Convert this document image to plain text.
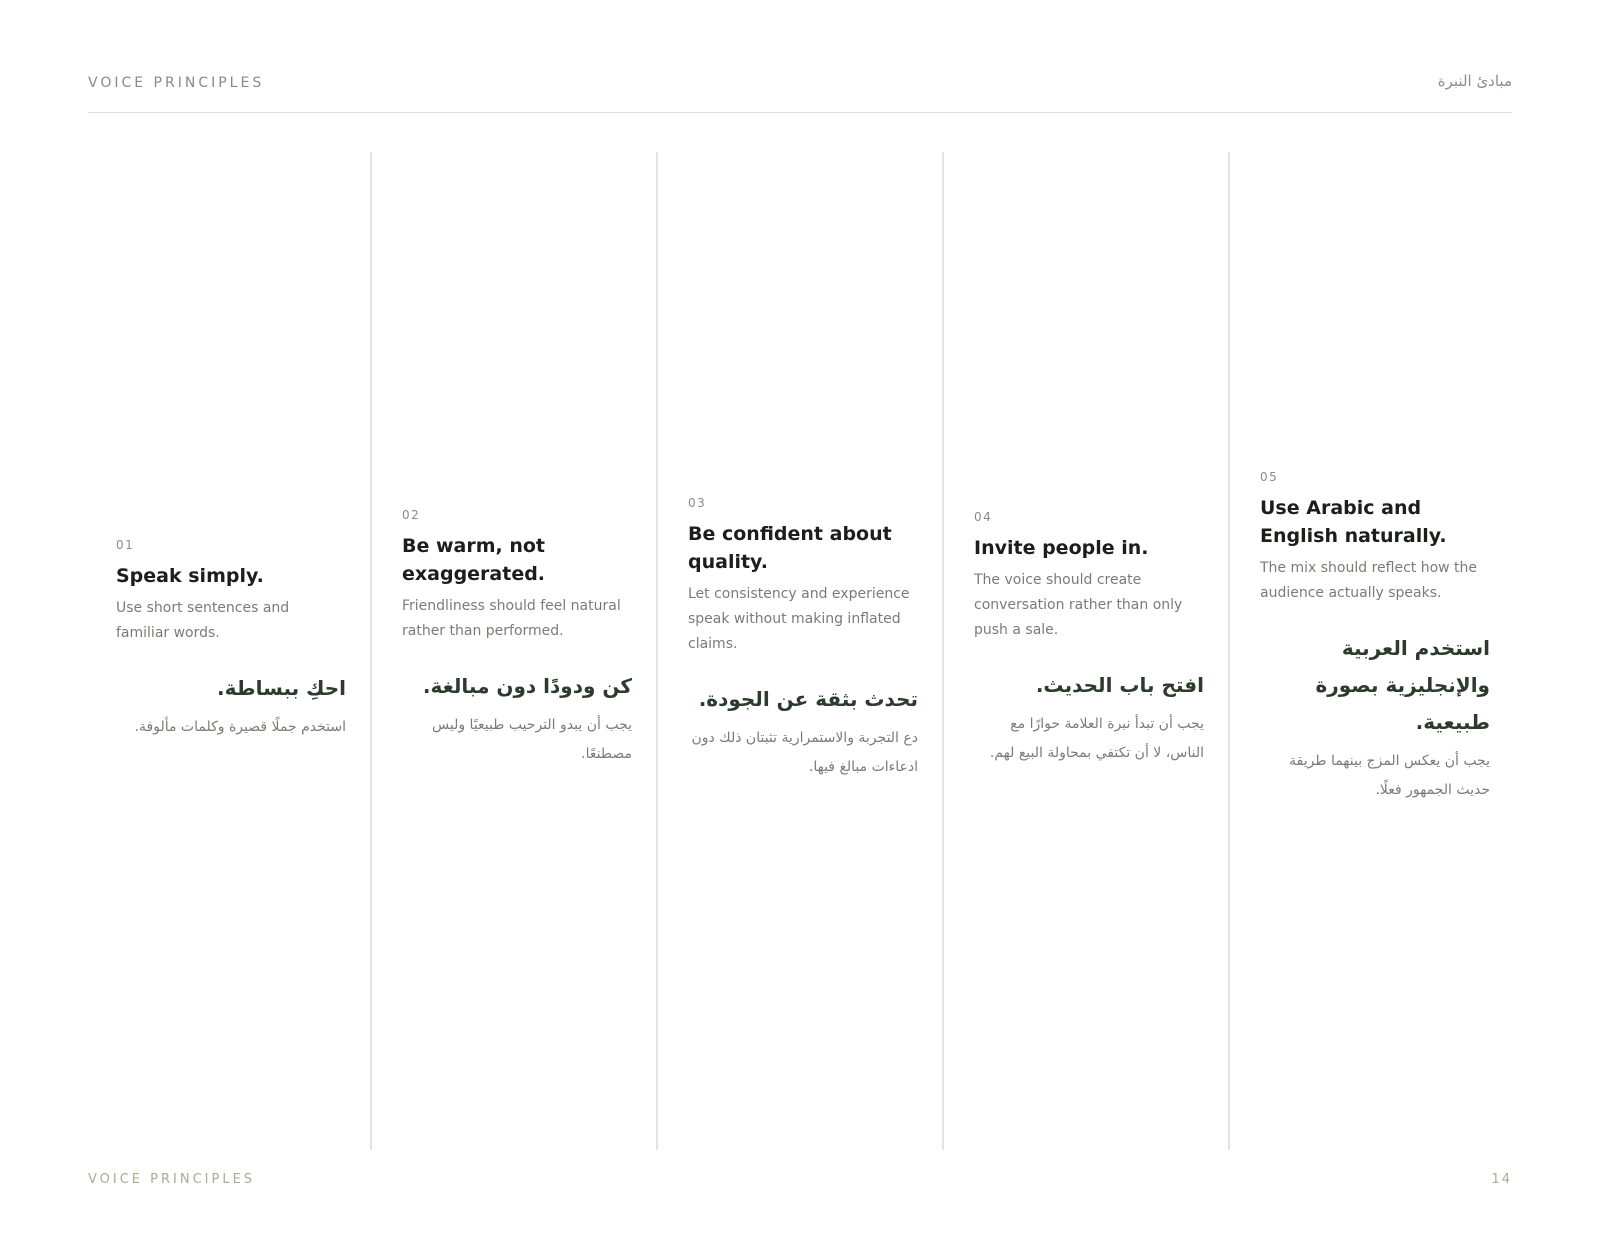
VOICE PRINCIPLES	مبادئ النبرة
01
Speak simply.
Use short sentences and familiar words.
احكِ ببساطة.
استخدم جملًا قصيرة وكلمات مألوفة.
02
Be warm, not exaggerated.
Friendliness should feel natural rather than performed.
كن ودودًا دون مبالغة.
يجب أن يبدو الترحيب طبيعيًا وليس مصطنعًا.
03
Be confident about quality.
Let consistency and experience speak without making inflated claims.
تحدث بثقة عن الجودة.
دع التجربة والاستمرارية تثبتان ذلك دون ادعاءات مبالغ فيها.
04
Invite people in.
The voice should create conversation rather than only push a sale.
افتح باب الحديث.
يجب أن تبدأ نبرة العلامة حوارًا مع الناس، لا أن تكتفي بمحاولة البيع لهم.
05
Use Arabic and English naturally.
The mix should reflect how the audience actually speaks.
استخدم العربية والإنجليزية بصورة طبيعية.
يجب أن يعكس المزج بينهما طريقة حديث الجمهور فعلًا.
VOICE PRINCIPLES	14
